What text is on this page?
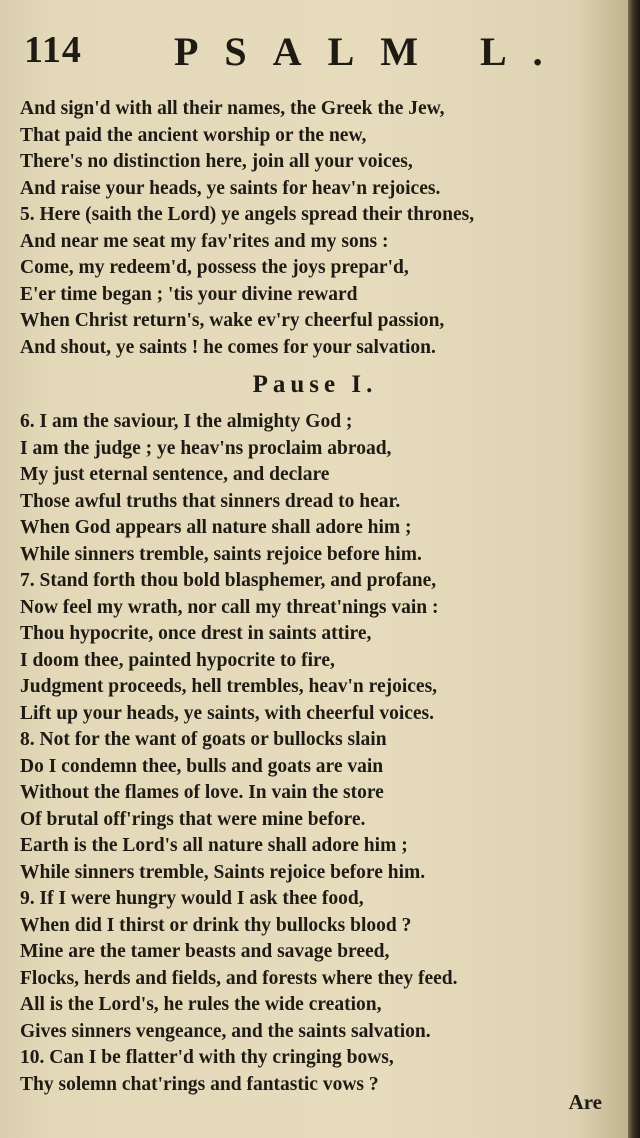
114 PSALM L.
And sign'd with all their names, the Greek the Jew,
That paid the ancient worship or the new,
There's no distinction here, join all your voices,
And raise your heads, ye saints for heav'n rejoices.
5. Here (saith the Lord) ye angels spread their thrones,
And near me seat my fav'rites and my sons :
Come, my redeem'd, possess the joys prepar'd,
E'er time began ; 'tis your divine reward
When Christ return's, wake ev'ry cheerful passion,
And shout, ye saints ! he comes for your salvation.
Pause I.
6. I am the saviour, I the almighty God ;
I am the judge ; ye heav'ns proclaim abroad,
My just eternal sentence, and declare
Those awful truths that sinners dread to hear.
When God appears all nature shall adore him ;
While sinners tremble, saints rejoice before him.
7. Stand forth thou bold blasphemer, and profane,
Now feel my wrath, nor call my threat'nings vain :
Thou hypocrite, once drest in saints attire,
I doom thee, painted hypocrite to fire,
Judgment proceeds, hell trembles, heav'n rejoices,
Lift up your heads, ye saints, with cheerful voices.
8. Not for the want of goats or bullocks slain
Do I condemn thee, bulls and goats are vain
Without the flames of love. In vain the store
Of brutal off'rings that were mine before.
Earth is the Lord's all nature shall adore him ;
While sinners tremble, Saints rejoice before him.
9. If I were hungry would I ask thee food,
When did I thirst or drink thy bullocks blood ?
Mine are the tamer beasts and savage breed,
Flocks, herds and fields, and forests where they feed.
All is the Lord's, he rules the wide creation,
Gives sinners vengeance, and the saints salvation.
10. Can I be flatter'd with thy cringing bows,
Thy solemn chat'rings and fantastic vows ?
Are
